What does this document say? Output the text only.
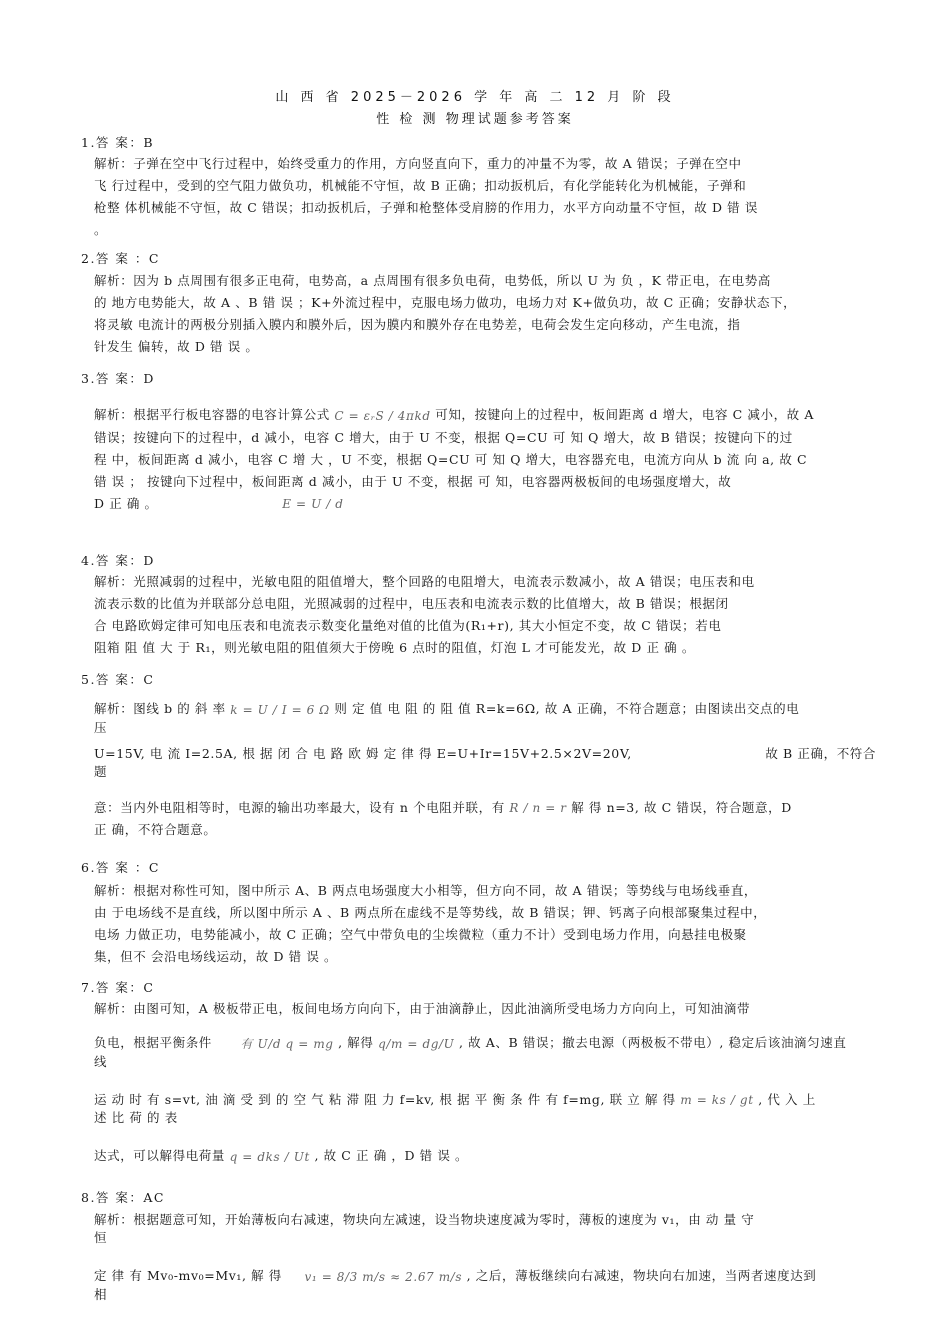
山 西 省 2025－2026 学 年 高 二 12 月 阶 段
性 检 测 物理试题参考答案
1.答 案：B
解析：子弹在空中飞行过程中，始终受重力的作用，方向竖直向下，重力的冲量不为零，故 A 错误；子弹在空中
飞 行过程中，受到的空气阻力做负功，机械能不守恒，故 B 正确；扣动扳机后，有化学能转化为机械能，子弹和
枪整 体机械能不守恒，故 C 错误；扣动扳机后，子弹和枪整体受肩膀的作用力，水平方向动量不守恒，故 D 错 误
。
2.答 案 ：C
解析：因为 b 点周围有很多正电荷，电势高，a 点周围有很多负电荷，电势低，所以 U 为 负 ，K 带正电，在电势高
的 地方电势能大，故 A 、B 错 误 ；K+外流过程中，克服电场力做功，电场力对 K+做负功，故 C 正确；安静状态下，
将灵敏 电流计的两极分别插入膜内和膜外后，因为膜内和膜外存在电势差，电荷会发生定向移动，产生电流，指
针发生 偏转，故 D 错 误 。
3.答 案：D
解析：根据平行板电容器的电容计算公式 C = εᵣS / 4πkd 可知，按键向上的过程中，板间距离 d 增大，电容 C 减小，故 A
错误；按键向下的过程中，d 减小，电容 C 增大，由于 U 不变，根据 Q=CU 可 知 Q 增大，故 B 错误；按键向下的过
程 中，板间距离 d 减小，电容 C 增 大 ，U 不变，根据 Q=CU 可 知 Q 增大，电容器充电，电流方向从 b 流 向 a, 故 C
错 误 ； 按键向下过程中，板间距离 d 减小，由于 U 不变，根据 可 知，电容器两极板间的电场强度增大，故
D 正 确 。	E = U / d
4.答 案：D
解析：光照减弱的过程中，光敏电阻的阻值增大，整个回路的电阻增大，电流表示数减小，故 A 错误；电压表和电
流表示数的比值为并联部分总电阻，光照减弱的过程中，电压表和电流表示数的比值增大，故 B 错误；根据闭
合 电路欧姆定律可知电压表和电流表示数变化量绝对值的比值为(R₁+r), 其大小恒定不变，故 C 错误；若电
阻箱 阻 值 大 于 R₁，则光敏电阻的阻值须大于傍晚 6 点时的阻值，灯泡 L 才可能发光，故 D 正 确 。
5.答 案：C
解析：图线 b 的 斜 率 k = U / I = 6 Ω 则 定 值 电 阻 的 阻 值 R=k=6Ω, 故 A 正确，不符合题意；由图读出交点的电
压
U=15V, 电 流 I=2.5A, 根 据 闭 合 电 路 欧 姆 定 律 得 E=U+Ir=15V+2.5×2V=20V,	故 B 正确，不符合
题
意：当内外电阻相等时，电源的输出功率最大，设有 n 个电阻并联，有 R / n = r 解 得 n=3, 故 C 错误，符合题意，D
正 确，不符合题意。
6.答 案 ：C
解析：根据对称性可知，图中所示 A、B 两点电场强度大小相等，但方向不同，故 A 错误；等势线与电场线垂直，
由 于电场线不是直线，所以图中所示 A 、B 两点所在虚线不是等势线，故 B 错误；钾、钙离子向根部聚集过程中，
电场 力做正功，电势能减小，故 C 正确；空气中带负电的尘埃微粒（重力不计）受到电场力作用，向悬挂电极聚
集，但不 会沿电场线运动，故 D 错 误 。
7.答 案：C
解析：由图可知，A 极板带正电，板间电场方向向下，由于油滴静止，因此油滴所受电场力方向向上，可知油滴带
负电，根据平衡条件 有 U/d q = mg , 解得 q/m = dg/U , 故 A、B 错误；撤去电源（两极板不带电）, 稳定后该油滴匀速直
线
运 动 时 有 s=vt, 油 滴 受 到 的 空 气 粘 滞 阻 力 f=kv, 根 据 平 衡 条 件 有 f=mg, 联 立 解 得 m = ks / gt , 代 入 上
述 比 荷 的 表
达式，可以解得电荷量 q = dks / Ut , 故 C 正 确 ，D 错 误 。
8.答 案：AC
解析：根据题意可知，开始薄板向右减速，物块向左减速，设当物块速度减为零时，薄板的速度为 v₁，由 动 量 守
恒
定 律 有 Mv₀-mv₀=Mv₁, 解 得 v₁ = 8/3 m/s ≈ 2.67 m/s , 之后，薄板继续向右减速，物块向右加速，当两者速度达到
相
